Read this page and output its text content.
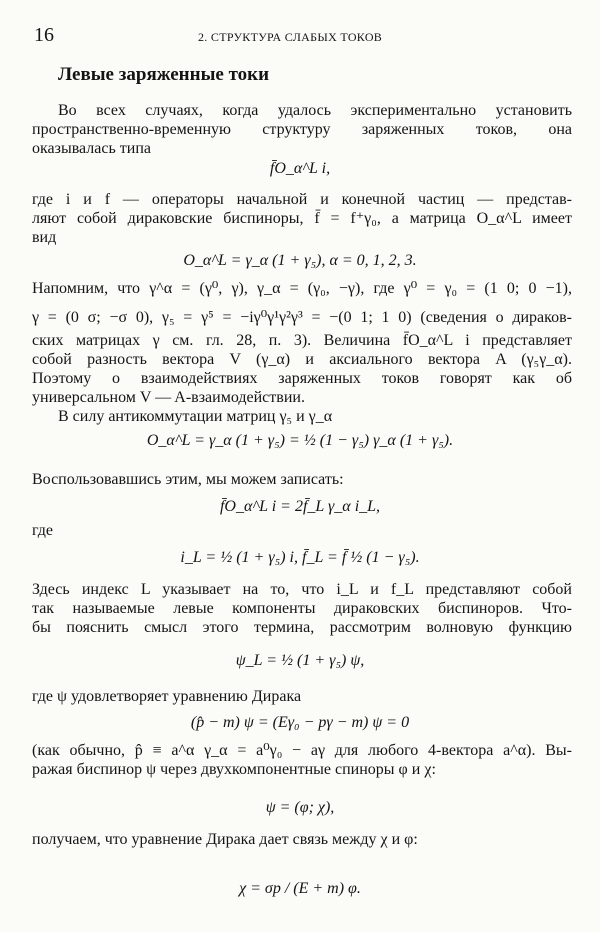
16	2. СТРУКТУРА СЛАБЫХ ТОКОВ
Левые заряженные токи
Во всех случаях, когда удалось экспериментально установить
пространственно-временную структуру заряженных токов, она
оказывалась типа
где i и f — операторы начальной и конечной частиц — представ-
ляют собой дираковские биспиноры, f̄ = f⁺γ₀, а матрица O_α^L имеет
вид
Напомним, что γ^α = (γ⁰, γ), γ_α = (γ₀, −γ), где γ⁰ = γ₀ = (1 0; 0 −1),
γ = (0 σ; −σ 0), γ₅ = γ⁵ = −iγ⁰γ¹γ²γ³ = −(0 1; 1 0) (сведения о дираков-
ских матрицах γ см. гл. 28, п. 3). Величина f̄O_α^L i представляет
собой разность вектора V (γ_α) и аксиального вектора A (γ₅γ_α).
Поэтому о взаимодействиях заряженных токов говорят как об
универсальном V — A-взаимодействии.
В силу антикоммутации матриц γ₅ и γ_α
Воспользовавшись этим, мы можем записать:
где
Здесь индекс L указывает на то, что i_L и f_L представляют собой
так называемые левые компоненты дираковских биспиноров. Что-
бы пояснить смысл этого термина, рассмотрим волновую функцию
где ψ удовлетворяет уравнению Дирака
(как обычно, p̂ ≡ a^α γ_α = a⁰γ₀ − aγ для любого 4-вектора a^α). Вы-
ражая биспинор ψ через двухкомпонентные спиноры φ и χ:
получаем, что уравнение Дирака дает связь между χ и φ:
f̄O_α^L i,
O_α^L = γ_α (1 + γ₅), α = 0, 1, 2, 3.
O_α^L = γ_α (1 + γ₅) = ½ (1 − γ₅) γ_α (1 + γ₅).
f̄O_α^L i = 2f̄_L γ_α i_L,
i_L = ½ (1 + γ₅) i, f̄_L = f̄ ½ (1 − γ₅).
ψ_L = ½ (1 + γ₅) ψ,
(p̂ − m) ψ = (Eγ₀ − pγ − m) ψ = 0
ψ = (φ; χ),
χ = σp / (E + m) φ.
